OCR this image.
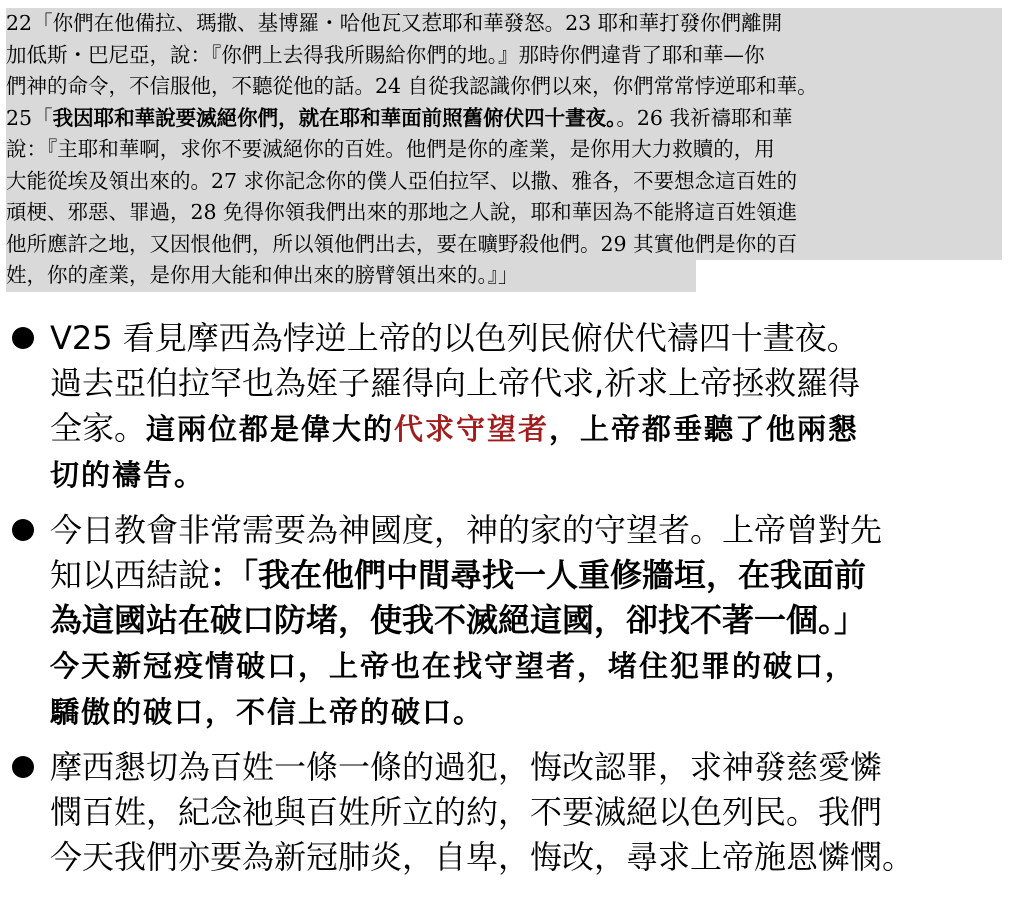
22「你們在他備拉、瑪撒、基博羅・哈他瓦又惹耶和華發怒。23 耶和華打發你們離開
加低斯・巴尼亞，說：『你們上去得我所賜給你們的地。』那時你們違背了耶和華—你
們神的命令，不信服他，不聽從他的話。24 自從我認識你們以來，你們常常悖逆耶和華。
25「我因耶和華說要滅絕你們，就在耶和華面前照舊俯伏四十晝夜。。26 我祈禱耶和華
說：『主耶和華啊，求你不要滅絕你的百姓。他們是你的產業，是你用大力救贖的，用
大能從埃及領出來的。27 求你記念你的僕人亞伯拉罕、以撒、雅各，不要想念這百姓的
頑梗、邪惡、罪過，28 免得你領我們出來的那地之人說，耶和華因為不能將這百姓領進
他所應許之地，又因恨他們，所以領他們出去，要在曠野殺他們。29 其實他們是你的百
姓，你的產業，是你用大能和伸出來的膀臂領出來的。』」
V25 看見摩西為悖逆上帝的以色列民俯伏代禱四十晝夜。
過去亞伯拉罕也為姪子羅得向上帝代求,祈求上帝拯救羅得
全家。這兩位都是偉大的代求守望者，上帝都垂聽了他兩懇
切的禱告。
今日教會非常需要為神國度，神的家的守望者。上帝曾對先
知以西結說：「我在他們中間尋找一人重修牆垣，在我面前
為這國站在破口防堵，使我不滅絕這國，卻找不著一個。」
今天新冠疫情破口，上帝也在找守望者，堵住犯罪的破口，
驕傲的破口，不信上帝的破口。
摩西懇切為百姓一條一條的過犯，悔改認罪，求神發慈愛憐
憫百姓，紀念祂與百姓所立的約，不要滅絕以色列民。我們
今天我們亦要為新冠肺炎，自卑，悔改，尋求上帝施恩憐憫。
